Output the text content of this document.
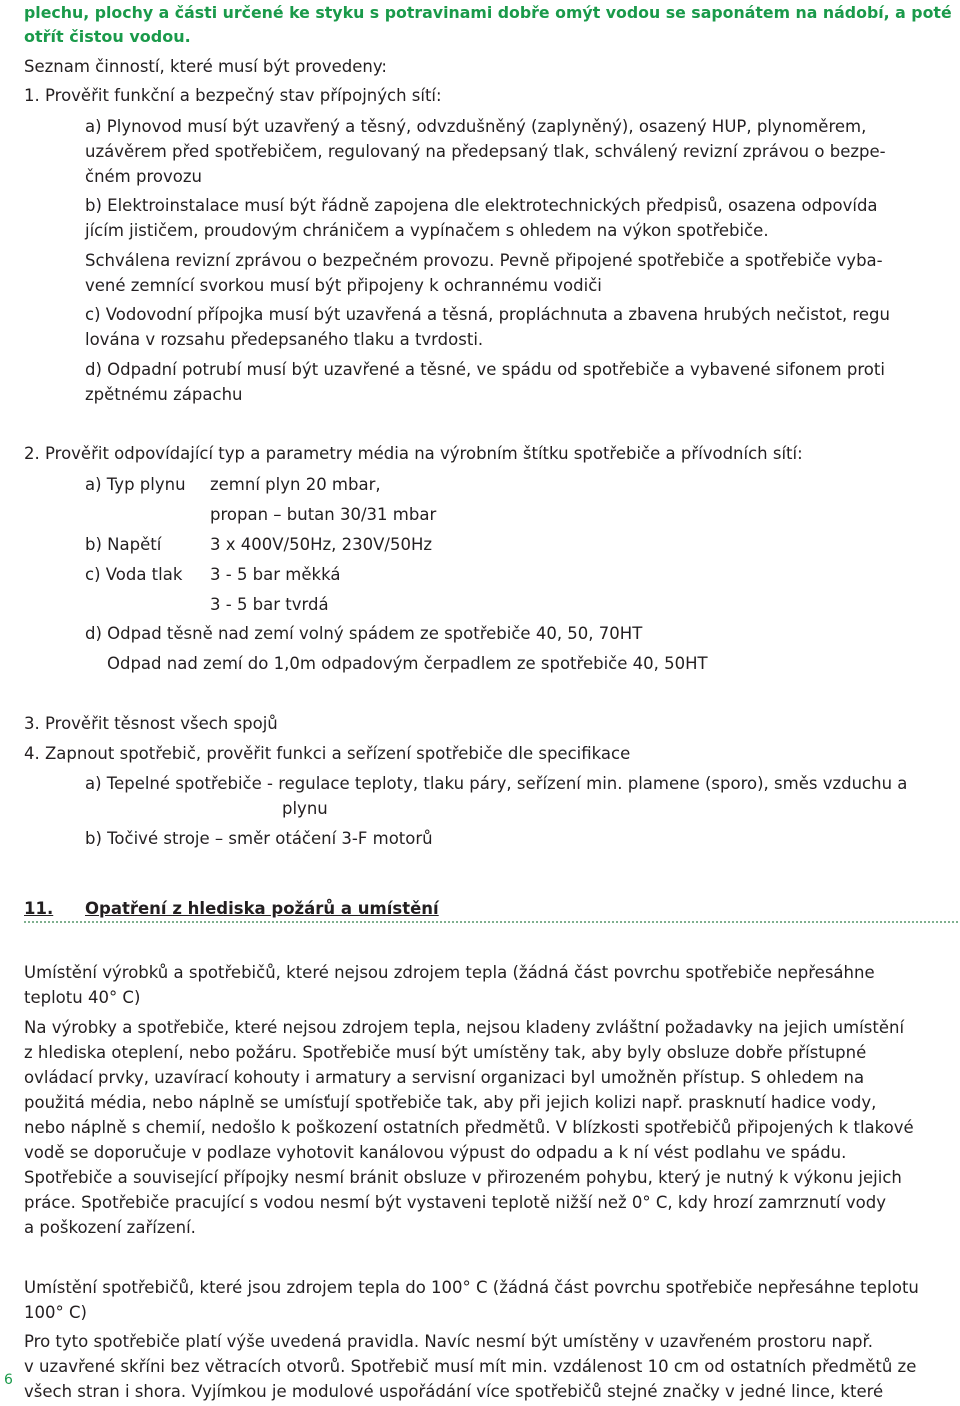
plechu, plochy a části určené ke styku s potravinami dobře omýt vodou se saponátem na nádobí, a poté
otřít čistou vodou.
Seznam činností, které musí být provedeny:
1. Prověřit funkční a bezpečný stav přípojných sítí:
a) Plynovod musí být uzavřený a těsný, odvzdušněný (zaplyněný), osazený HUP, plynoměrem,
uzávěrem před spotřebičem, regulovaný na předepsaný tlak, schválený revizní zprávou o bezpe-
čném provozu
b) Elektroinstalace musí být řádně zapojena dle elektrotechnických předpisů, osazena odpovída
jícím jističem, proudovým chráničem a vypínačem s ohledem na výkon spotřebiče.
Schválena revizní zprávou o bezpečném provozu. Pevně připojené spotřebiče a spotřebiče vyba-
vené zemnící svorkou musí být připojeny k ochrannému vodiči
c) Vodovodní přípojka musí být uzavřená a těsná, propláchnuta a zbavena hrubých nečistot, regu
lována v rozsahu předepsaného tlaku a tvrdosti.
d) Odpadní potrubí musí být uzavřené a těsné, ve spádu od spotřebiče a vybavené sifonem proti
zpětnému zápachu
2. Prověřit odpovídající typ a parametry média na výrobním štítku spotřebiče a přívodních sítí:
a) Typ plynu zemní plyn 20 mbar,
propan – butan 30/31 mbar
b) Napětí	3 x 400V/50Hz, 230V/50Hz
c) Voda tlak 3 - 5 bar měkká
3 - 5 bar tvrdá
d) Odpad těsně nad zemí volný spádem ze spotřebiče 40, 50, 70HT
Odpad nad zemí do 1,0m odpadovým čerpadlem ze spotřebiče 40, 50HT
3. Prověřit těsnost všech spojů
4. Zapnout spotřebič, prověřit funkci a seřízení spotřebiče dle specifikace
a) Tepelné spotřebiče - regulace teploty, tlaku páry, seřízení min. plamene (sporo), směs vzduchu a
plynu
b) Točivé stroje – směr otáčení 3-F motorů
11. Opatření z hlediska požárů a umístění
Umístění výrobků a spotřebičů, které nejsou zdrojem tepla (žádná část povrchu spotřebiče nepřesáhne
teplotu 40° C)
Na výrobky a spotřebiče, které nejsou zdrojem tepla, nejsou kladeny zvláštní požadavky na jejich umístění
z hlediska oteplení, nebo požáru. Spotřebiče musí být umístěny tak, aby byly obsluze dobře přístupné
ovládací prvky, uzavírací kohouty i armatury a servisní organizaci byl umožněn přístup. S ohledem na
použitá média, nebo náplně se umísťují spotřebiče tak, aby při jejich kolizi např. prasknutí hadice vody,
nebo náplně s chemií, nedošlo k poškození ostatních předmětů. V blízkosti spotřebičů připojených k tlakové
vodě se doporučuje v podlaze vyhotovit kanálovou výpust do odpadu a k ní vést podlahu ve spádu.
Spotřebiče a související přípojky nesmí bránit obsluze v přirozeném pohybu, který je nutný k výkonu jejich
práce. Spotřebiče pracující s vodou nesmí být vystaveni teplotě nižší než 0° C, kdy hrozí zamrznutí vody
a poškození zařízení.
Umístění spotřebičů, které jsou zdrojem tepla do 100° C (žádná část povrchu spotřebiče nepřesáhne teplotu
100° C)
Pro tyto spotřebiče platí výše uvedená pravidla. Navíc nesmí být umístěny v uzavřeném prostoru např.
v uzavřené skříni bez větracích otvorů. Spotřebič musí mít min. vzdálenost 10 cm od ostatních předmětů ze
všech stran i shora. Vyjímkou je modulové uspořádání více spotřebičů stejné značky v jedné lince, které
6
